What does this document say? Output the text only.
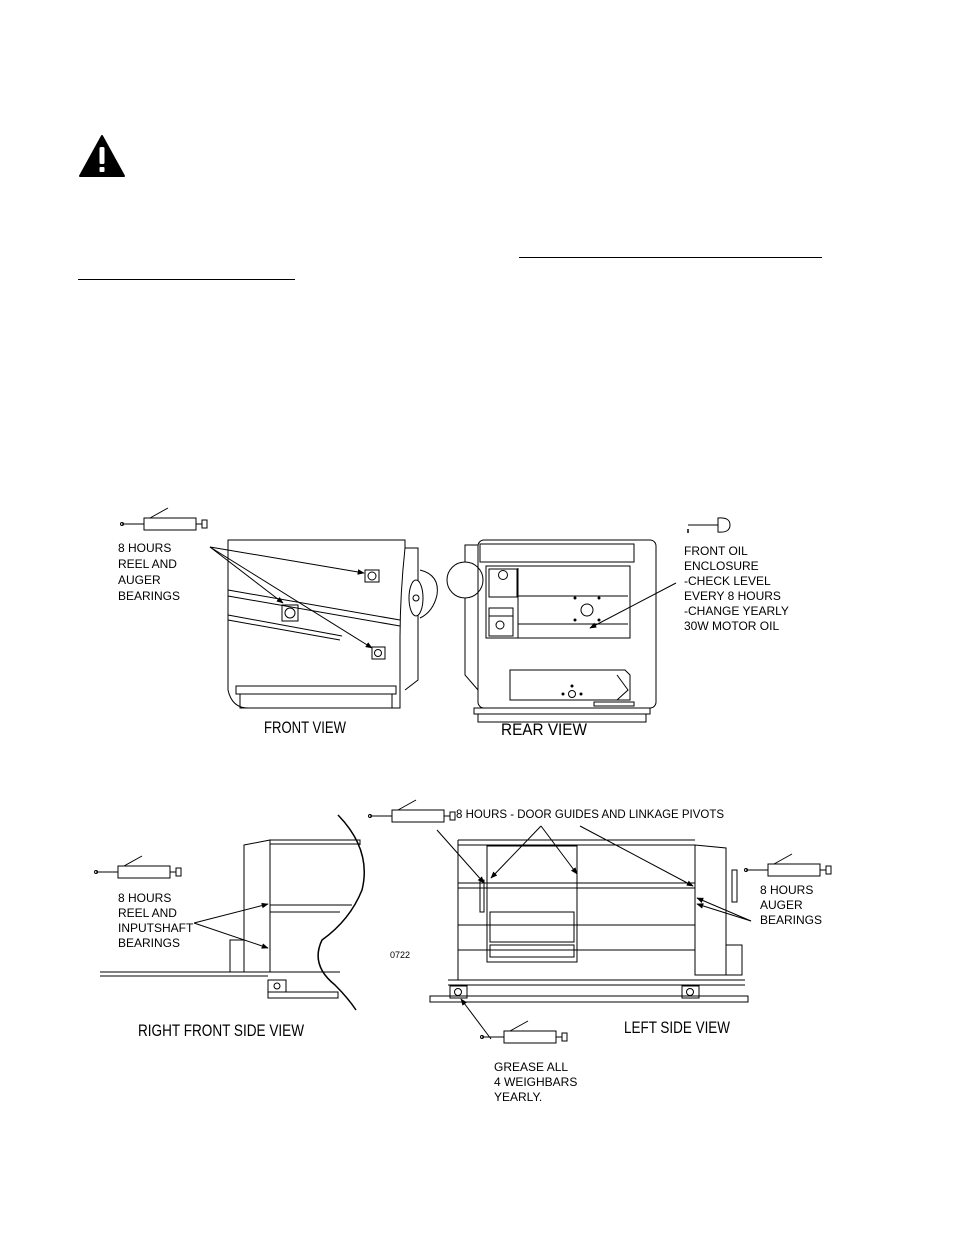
8 HOURS REEL AND AUGER BEARINGS
FRONT VIEW
FRONT OIL ENCLOSURE -CHECK LEVEL EVERY 8 HOURS -CHANGE YEARLY 30W MOTOR OIL
REAR VIEW
8 HOURS REEL AND INPUTSHAFT BEARINGS
0722
RIGHT FRONT SIDE VIEW
8 HOURS - DOOR GUIDES AND LINKAGE PIVOTS
8 HOURS AUGER BEARINGS
GREASE ALL 4 WEIGHBARS YEARLY.
LEFT SIDE VIEW
